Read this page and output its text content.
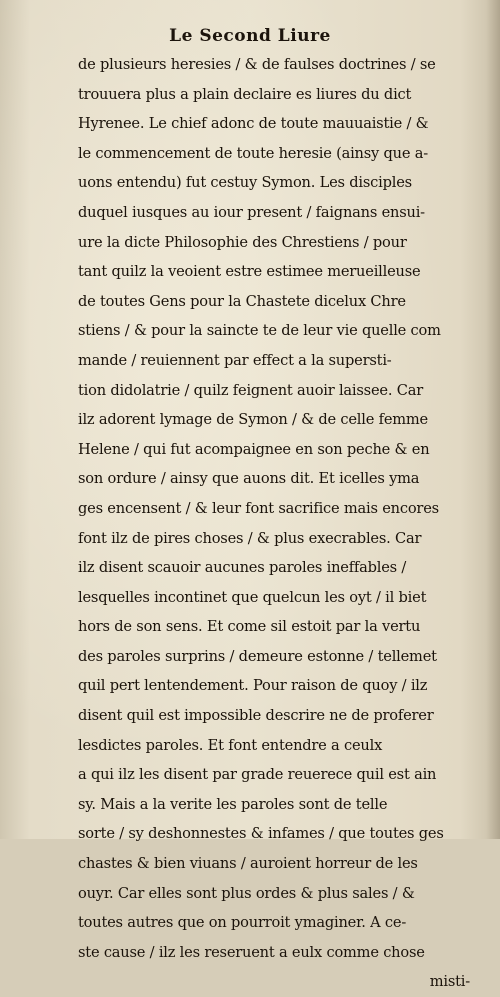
Le Second Liure
de plusieurs heresies / & de faulses doctrines / se
trouuera plus a plain declaire es liures du dict
Hyrenee. Le chief adonc de toute mauuaistie / &
le commencement de toute heresie (ainsy que a-
uons entendu) fut cestuy Symon. Les disciples
duquel iusques au iour present / faignans ensui-
ure la dicte Philosophie des Chrestiens / pour
tant quilz la veoient estre estimee merueilleuse
de toutes Gens pour la Chastete dicelux Chre
stiens / & pour la saincte te de leur vie quelle com
mande / reuiennent par effect a la supersti-
tion didolatrie / quilz feignent auoir laissee. Car
ilz adorent lymage de Symon / & de celle femme
Helene / qui fut acompaignee en son peche & en
son ordure / ainsy que auons dit. Et icelles yma
ges encensent / & leur font sacrifice mais encores
font ilz de pires choses / & plus execrables. Car
ilz disent scauoir aucunes paroles ineffables /
lesquelles incontinet que quelcun les oyt / il biet
hors de son sens. Et come sil estoit par la vertu
des paroles surprins / demeure estonne / tellemet
quil pert lentendement. Pour raison de quoy / ilz
disent quil est impossible descrire ne de proferer
lesdictes paroles. Et font entendre a ceulx
a qui ilz les disent par grade reuerece quil est ain
sy. Mais a la verite les paroles sont de telle
sorte / sy deshonnestes & infames / que toutes ges
chastes & bien viuans / auroient horreur de les
ouyr. Car elles sont plus ordes & plus sales / &
toutes autres que on pourroit ymaginer. A ce-
ste cause / ilz les reseruent a eulx comme chose
misti-
